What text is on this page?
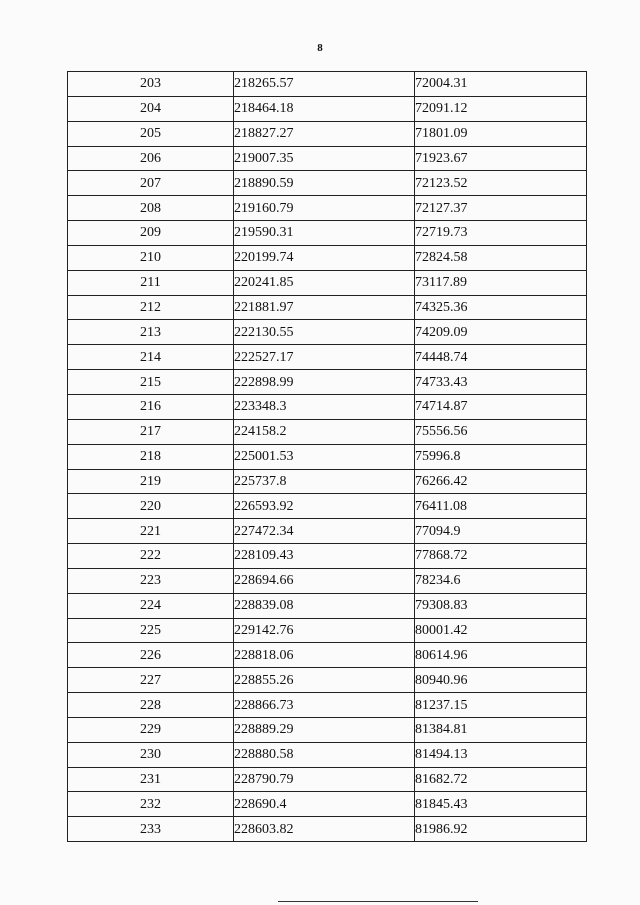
8
203	218265.57	72004.31
204	218464.18	72091.12
205	218827.27	71801.09
206	219007.35	71923.67
207	218890.59	72123.52
208	219160.79	72127.37
209	219590.31	72719.73
210	220199.74	72824.58
211	220241.85	73117.89
212	221881.97	74325.36
213	222130.55	74209.09
214	222527.17	74448.74
215	222898.99	74733.43
216	223348.3	74714.87
217	224158.2	75556.56
218	225001.53	75996.8
219	225737.8	76266.42
220	226593.92	76411.08
221	227472.34	77094.9
222	228109.43	77868.72
223	228694.66	78234.6
224	228839.08	79308.83
225	229142.76	80001.42
226	228818.06	80614.96
227	228855.26	80940.96
228	228866.73	81237.15
229	228889.29	81384.81
230	228880.58	81494.13
231	228790.79	81682.72
232	228690.4	81845.43
233	228603.82	81986.92
